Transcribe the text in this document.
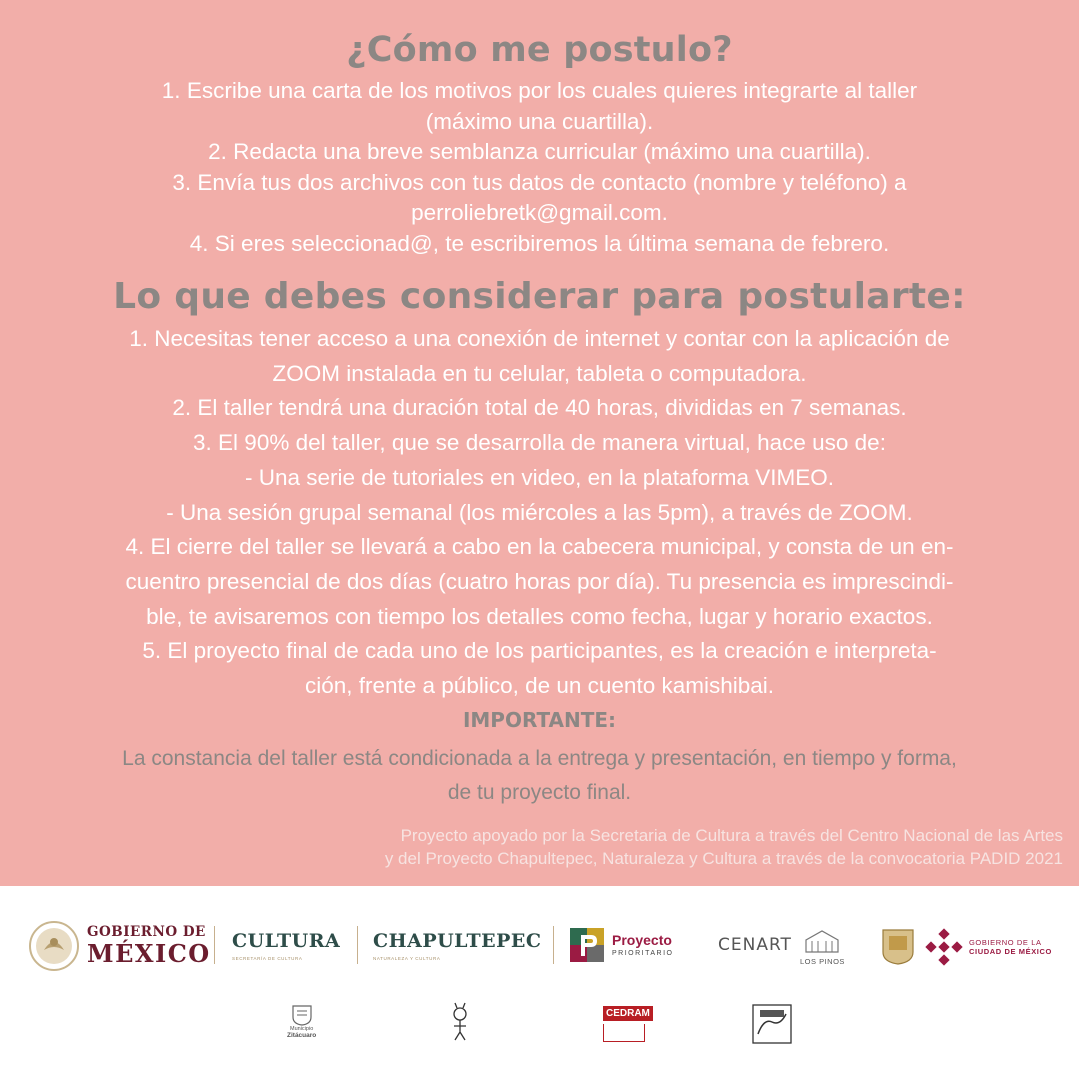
¿Cómo me postulo?
1. Escribe una carta de los motivos por los cuales quieres integrarte al taller
(máximo una cuartilla).
2. Redacta una breve semblanza curricular (máximo una cuartilla).
3. Envía tus dos archivos con tus datos de contacto (nombre y teléfono) a
perroliebretk@gmail.com.
4. Si eres seleccionad@, te escribiremos la última semana de febrero.
Lo que debes considerar para postularte:
1. Necesitas tener acceso a una conexión de internet y contar con la aplicación de
ZOOM instalada en tu celular, tableta o computadora.
2. El taller tendrá una duración total de 40 horas, divididas en 7 semanas.
3. El 90% del taller, que se desarrolla de manera virtual, hace uso de:
- Una serie de tutoriales en video, en la plataforma VIMEO.
- Una sesión grupal semanal (los miércoles a las 5pm), a través de ZOOM.
4. El cierre del taller se llevará a cabo en la cabecera municipal, y consta de un en-
cuentro presencial de dos días (cuatro horas por día). Tu presencia es imprescindi-
ble, te avisaremos con tiempo los detalles como fecha, lugar y horario exactos.
5. El proyecto final de cada uno de los participantes, es la creación e interpreta-
ción, frente a público, de un cuento kamishibai.
IMPORTANTE:
La constancia del taller está condicionada a la entrega y presentación, en tiempo y forma,
de tu proyecto final.
Proyecto apoyado por la Secretaria de Cultura a través del Centro Nacional de las Artes
y del Proyecto Chapultepec, Naturaleza y Cultura a través de la convocatoria PADID 2021
GOBIERNO DE
MÉXICO CULTURA
SECRETARÍA DE CULTURA
CHAPULTEPEC
NATURALEZA Y CULTURA
Proyecto
PRIORITARIO	CENART
LOS PINOS
GOBIERNO DE LA
CIUDAD DE MÉXICO
Municipio
Zitácuaro
CEDRAM
